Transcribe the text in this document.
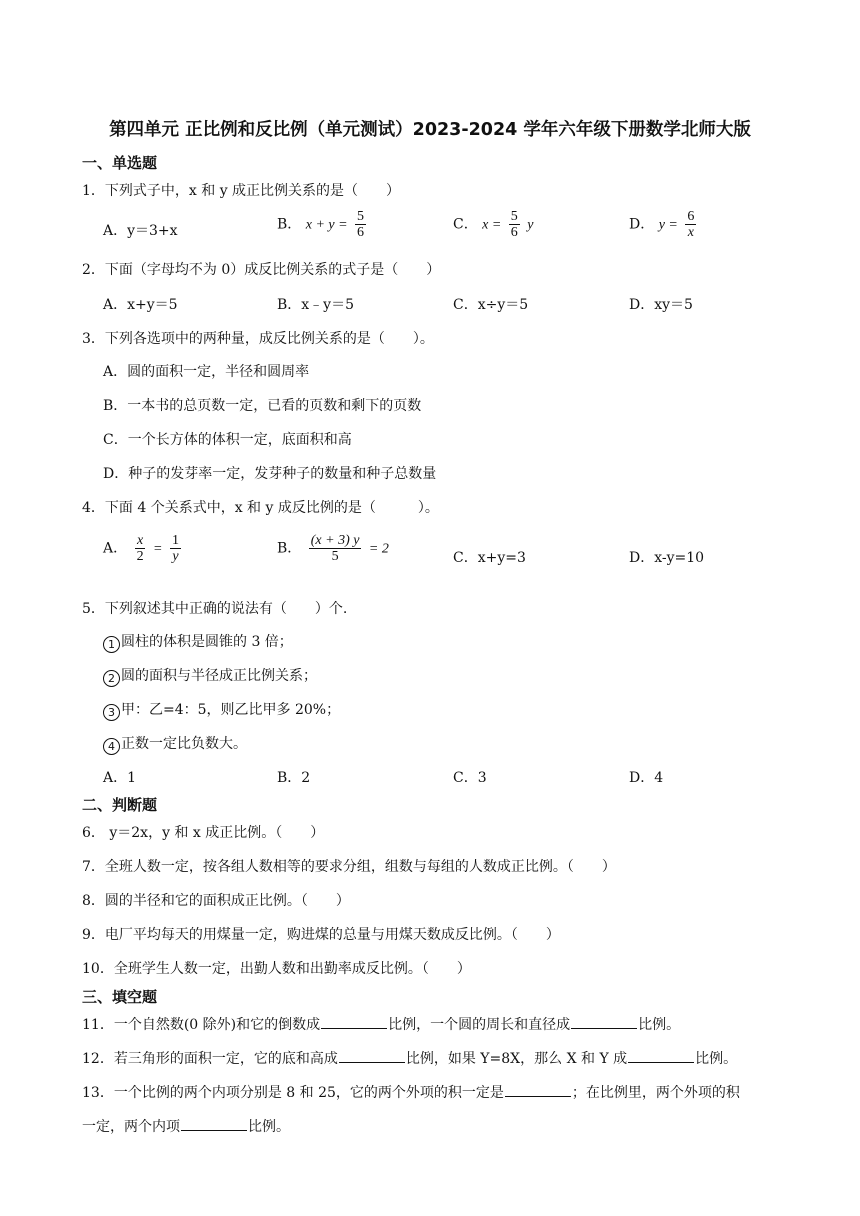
第四单元 正比例和反比例（单元测试）2023-2024 学年六年级下册数学北师大版
一、单选题
1．下列式子中，x 和 y 成正比例关系的是（　　）
A．y＝3+x	B． $x + y = \frac{5}{6}$	C． $x = \frac{5}{6}$ y	D． $y = \frac{6}{x}$
2．下面（字母均不为 0）成反比例关系的式子是（　　）
A．x+y＝5	B．x﹣y＝5	C．x÷y＝5	D．xy＝5
3．下列各选项中的两种量，成反比例关系的是（　　）。
A．圆的面积一定，半径和圆周率
B．一本书的总页数一定，已看的页数和剩下的页数
C．一个长方体的体积一定，底面积和高
D．种子的发芽率一定，发芽种子的数量和种子总数量
4．下面 4 个关系式中，x 和 y 成反比例的是（　　　）。
A． $\frac{x}{2} = \frac{1}{y}$	B． $\frac{(x + 3) y}{5} = 2$
C．x+y=3	D．x-y=10
5．下列叙述其中正确的说法有（　　）个.
1 圆柱的体积是圆锥的 3 倍；
2 圆的面积与半径成正比例关系；
3 甲：乙=4：5，则乙比甲多 20%；
4 正数一定比负数大。
A．1	B．2	C．3	D．4
二、判断题
6． y＝2x，y 和 x 成正比例。（　　）
7．全班人数一定，按各组人数相等的要求分组，组数与每组的人数成正比例。（　　）
8．圆的半径和它的面积成正比例。（　　）
9．电厂平均每天的用煤量一定，购进煤的总量与用煤天数成反比例。（　　）
10．全班学生人数一定，出勤人数和出勤率成反比例。（　　）
三、填空题
11．一个自然数(0 除外)和它的倒数成	比例，一个圆的周长和直径成	比例。
12．若三角形的面积一定，它的底和高成	比例，如果 Y=8X，那么 X 和 Y 成	比例。
13．一个比例的两个内项分别是 8 和 25，它的两个外项的积一定是	；在比例里，两个外项的积
一定，两个内项	比例。
